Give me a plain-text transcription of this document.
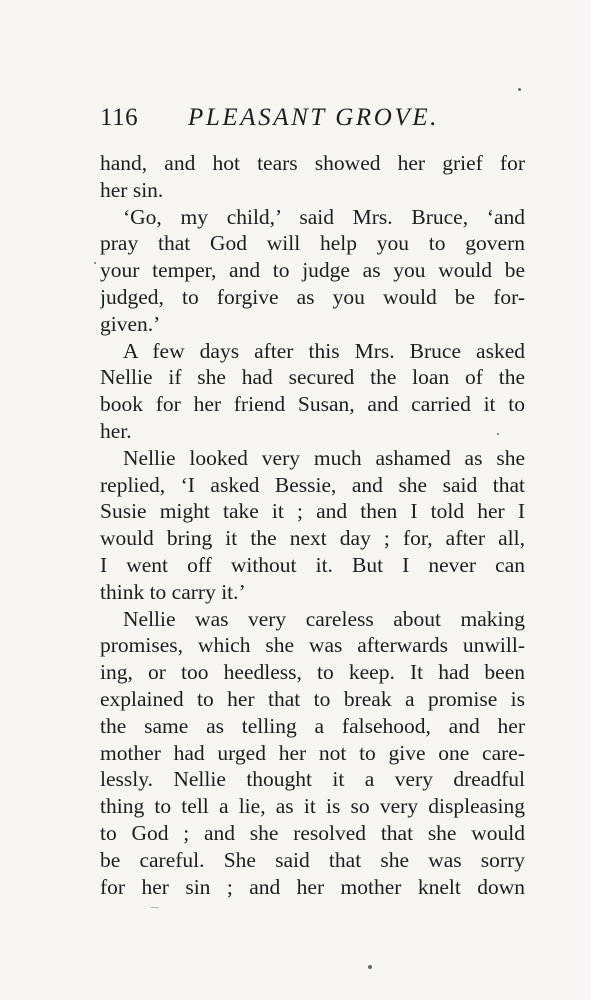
116 PLEASANT GROVE.
hand, and hot tears showed her grief for
her sin.
‘Go, my child,’ said Mrs. Bruce, ‘and
pray that God will help you to govern
your temper, and to judge as you would be
judged, to forgive as you would be for-
given.’
A few days after this Mrs. Bruce asked
Nellie if she had secured the loan of the
book for her friend Susan, and carried it to
her.
Nellie looked very much ashamed as she
replied, ‘I asked Bessie, and she said that
Susie might take it ; and then I told her I
would bring it the next day ; for, after all,
I went off without it. But I never can
think to carry it.’
Nellie was very careless about making
promises, which she was afterwards unwill-
ing, or too heedless, to keep. It had been
explained to her that to break a promise is
the same as telling a falsehood, and her
mother had urged her not to give one care-
lessly. Nellie thought it a very dreadful
thing to tell a lie, as it is so very displeasing
to God ; and she resolved that she would
be careful. She said that she was sorry
for her sin ; and her mother knelt down
